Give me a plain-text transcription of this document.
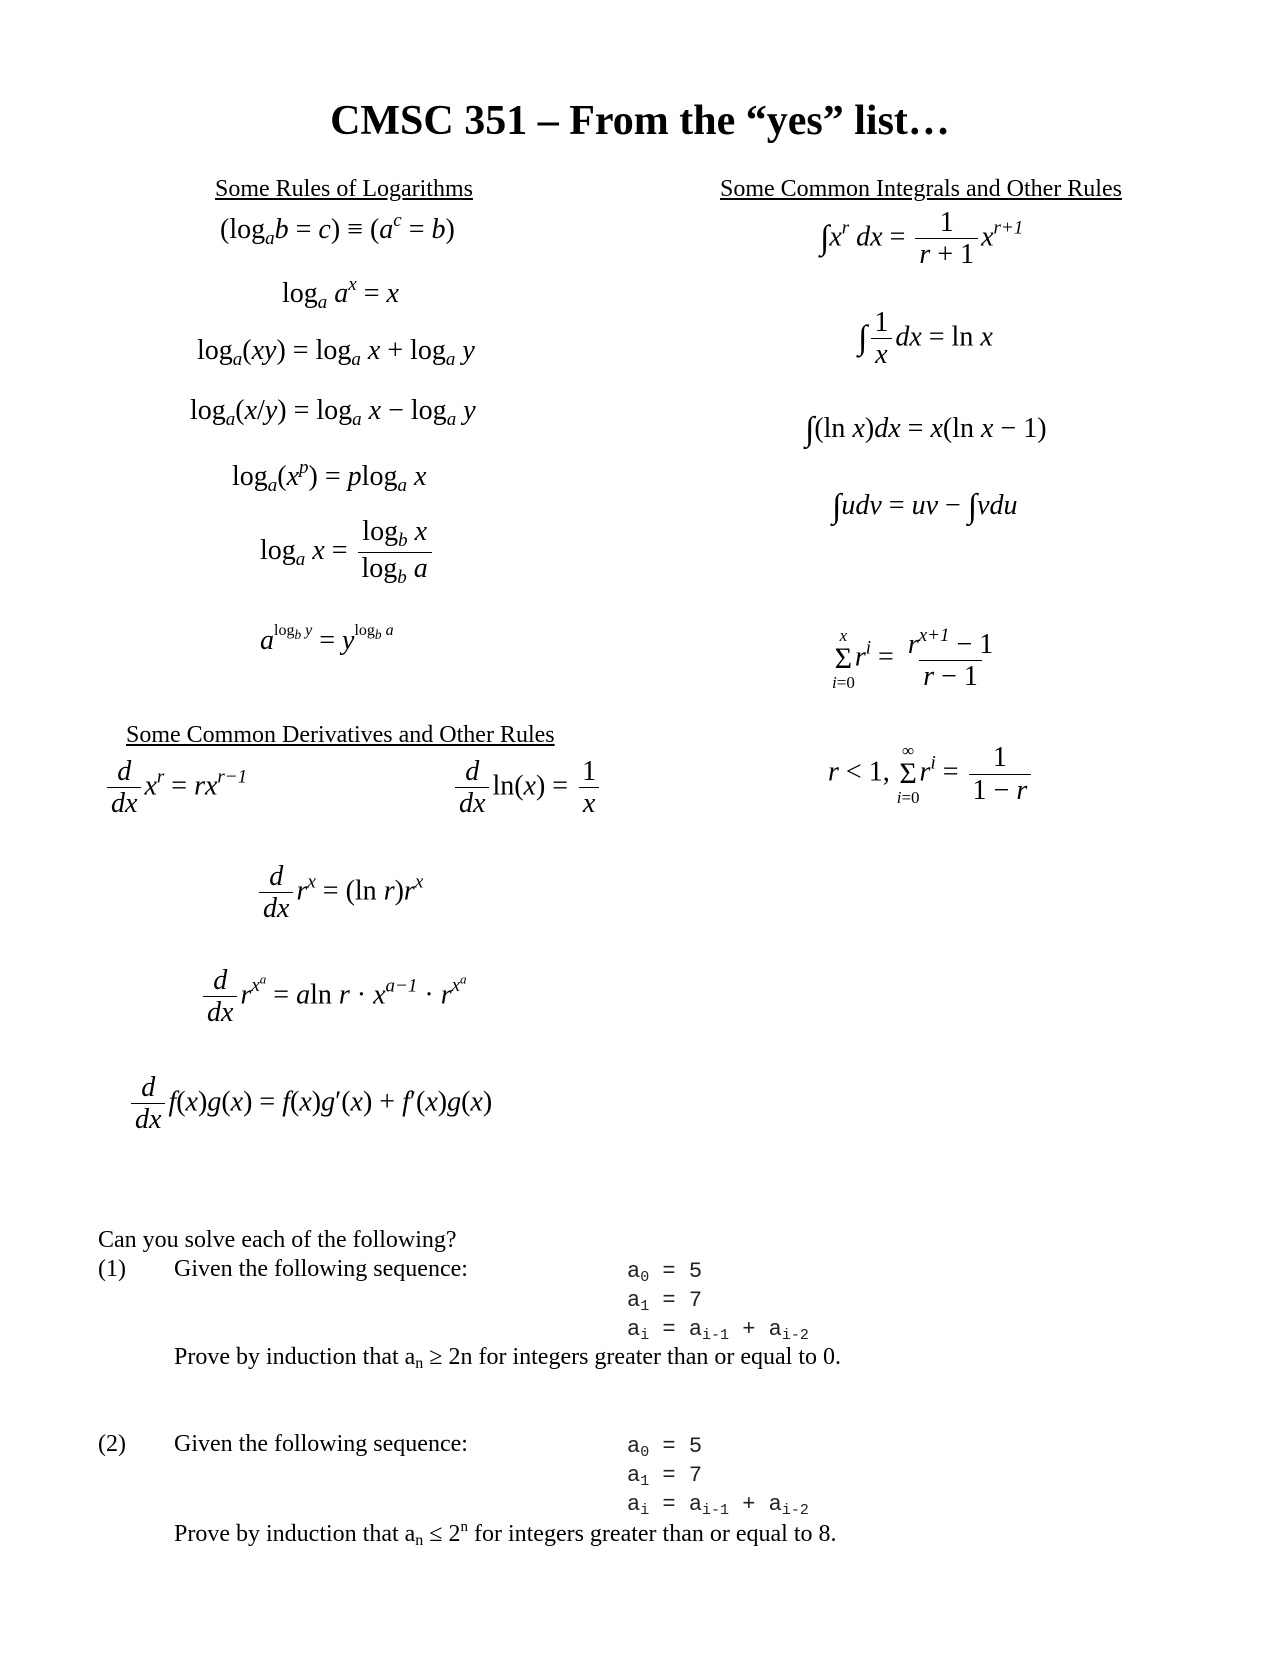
CMSC 351 – From the “yes” list…
Some Rules of Logarithms	Some Common Integrals and Other Rules
Some Common Derivatives and Other Rules
$(\log_ab = c) \equiv (a^c = b)$
$\log_a a^x = x$
$\log_a(xy) = \log_a x + \log_a y$
$\log_a(x/y) = \log_a x - \log_a y$
$\log_a(x^p) = plog_a$ x
$\log_a x = \frac{\log_b x}{\log_b a}$
$a^{log_b y} = y^{log_b a}$
$\int x^r$ dx = $\frac{1}{r + 1} x^{r+1}$
∫ $\frac{1}{x}$ dx = ln x
∫(ln x)dx = x(ln x − 1)
∫udv = uv − ∫vdu
x
Σ
i=0
$r^i = \frac{r^{x+1} - 1}{r - 1}$
r < 1,
∞
Σ
i=0
$r^i = \frac{1}{1 - r}$
$\frac{d}{dx} x^r = rx^{r-1}$	$\frac{d}{dx} \ln(x) = \frac{1}{x}$
$\frac{d}{dx} r^x = (\ln$ $r)r^x$
$\frac{d}{dx} r^{x^a} = aln$ $r \cdot x^{a-1} \cdot r^{x^a}$
$\frac{d}{dx} f(x)g(x) = f(x)g'(x) + f'(x)g(x)$
Can you solve each of the following?
(1) Given the following sequence:	a0 = 5
a1 = 7
ai = ai-1 + ai-2
Prove by induction that an ≥ 2n for integers greater than or equal to 0.
(2) Given the following sequence:	a0 = 5
a1 = 7
ai = ai-1 + ai-2
Prove by induction that an ≤ $2^n$ for integers greater than or equal to 8.
